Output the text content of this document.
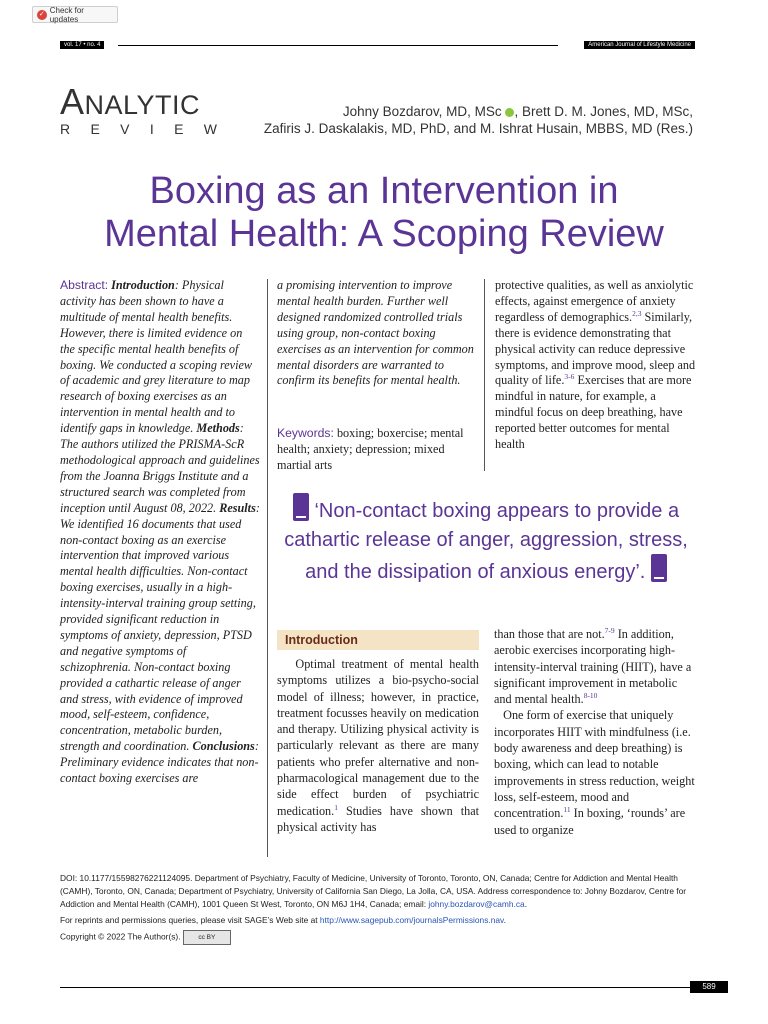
✓ Check for updates
vol. 17 • no. 4	American Journal of Lifestyle Medicine
ANALYTIC
R E V I E W
Johny Bozdarov, MD, MSc , Brett D. M. Jones, MD, MSc,
Zafiris J. Daskalakis, MD, PhD, and M. Ishrat Husain, MBBS, MD (Res.)
Boxing as an Intervention in
Mental Health: A Scoping Review
Abstract: Introduction: Physical activity has been shown to have a multitude of mental health benefits. However, there is limited evidence on the specific mental health benefits of boxing. We conducted a scoping review of academic and grey literature to map research of boxing exercises as an intervention in mental health and to identify gaps in knowledge. Methods: The authors utilized the PRISMA-ScR methodological approach and guidelines from the Joanna Briggs Institute and a structured search was completed from inception until August 08, 2022. Results: We identified 16 documents that used non-contact boxing as an exercise intervention that improved various mental health difficulties. Non-contact boxing exercises, usually in a high-intensity-interval training group setting, provided significant reduction in symptoms of anxiety, depression, PTSD and negative symptoms of schizophrenia. Non-contact boxing provided a cathartic release of anger and stress, with evidence of improved mood, self-esteem, confidence, concentration, metabolic burden, strength and coordination. Conclusions: Preliminary evidence indicates that non-contact boxing exercises are
a promising intervention to improve mental health burden. Further well designed randomized controlled trials using group, non-contact boxing exercises as an intervention for common mental disorders are warranted to confirm its benefits for mental health.
Keywords: boxing; boxercise; mental health; anxiety; depression; mixed martial arts
protective qualities, as well as anxiolytic effects, against emergence of anxiety regardless of demographics.$^{2,3}$ Similarly, there is evidence demonstrating that physical activity can reduce depressive symptoms, and improve mood, sleep and quality of life.$^{3-6}$ Exercises that are more mindful in nature, for example, a mindful focus on deep breathing, have reported better outcomes for mental health
‘Non-contact boxing appears to provide a cathartic release of anger, aggression, stress, and the dissipation of anxious energy’.
Introduction
Optimal treatment of mental health symptoms utilizes a bio-psycho-social model of illness; however, in practice, treatment focusses heavily on medication and therapy. Utilizing physical activity is particularly relevant as there are many patients who prefer alternative and non-pharmacological management due to the side effect burden of psychiatric medication.$^1$ Studies have shown that physical activity has
than those that are not.$^{7-9}$ In addition, aerobic exercises incorporating high-intensity-interval training (HIIT), have a significant improvement in metabolic and mental health.$^{8-10}$
One form of exercise that uniquely incorporates HIIT with mindfulness (i.e. body awareness and deep breathing) is boxing, which can lead to notable improvements in stress reduction, weight loss, self-esteem, mood and concentration.$^{11}$ In boxing, ‘rounds’ are used to organize
DOI: 10.1177/15598276221124095. Department of Psychiatry, Faculty of Medicine, University of Toronto, Toronto, ON, Canada; Centre for Addiction and Mental Health (CAMH), Toronto, ON, Canada; Department of Psychiatry, University of California San Diego, La Jolla, CA, USA. Address correspondence to: Johny Bozdarov, Centre for Addiction and Mental Health (CAMH), 1001 Queen St West, Toronto, ON M6J 1H4, Canada; email: johny.bozdarov@camh.ca.
For reprints and permissions queries, please visit SAGE’s Web site at http://www.sagepub.com/journalsPermissions.nav.
Copyright © 2022 The Author(s).	cc BY
589
